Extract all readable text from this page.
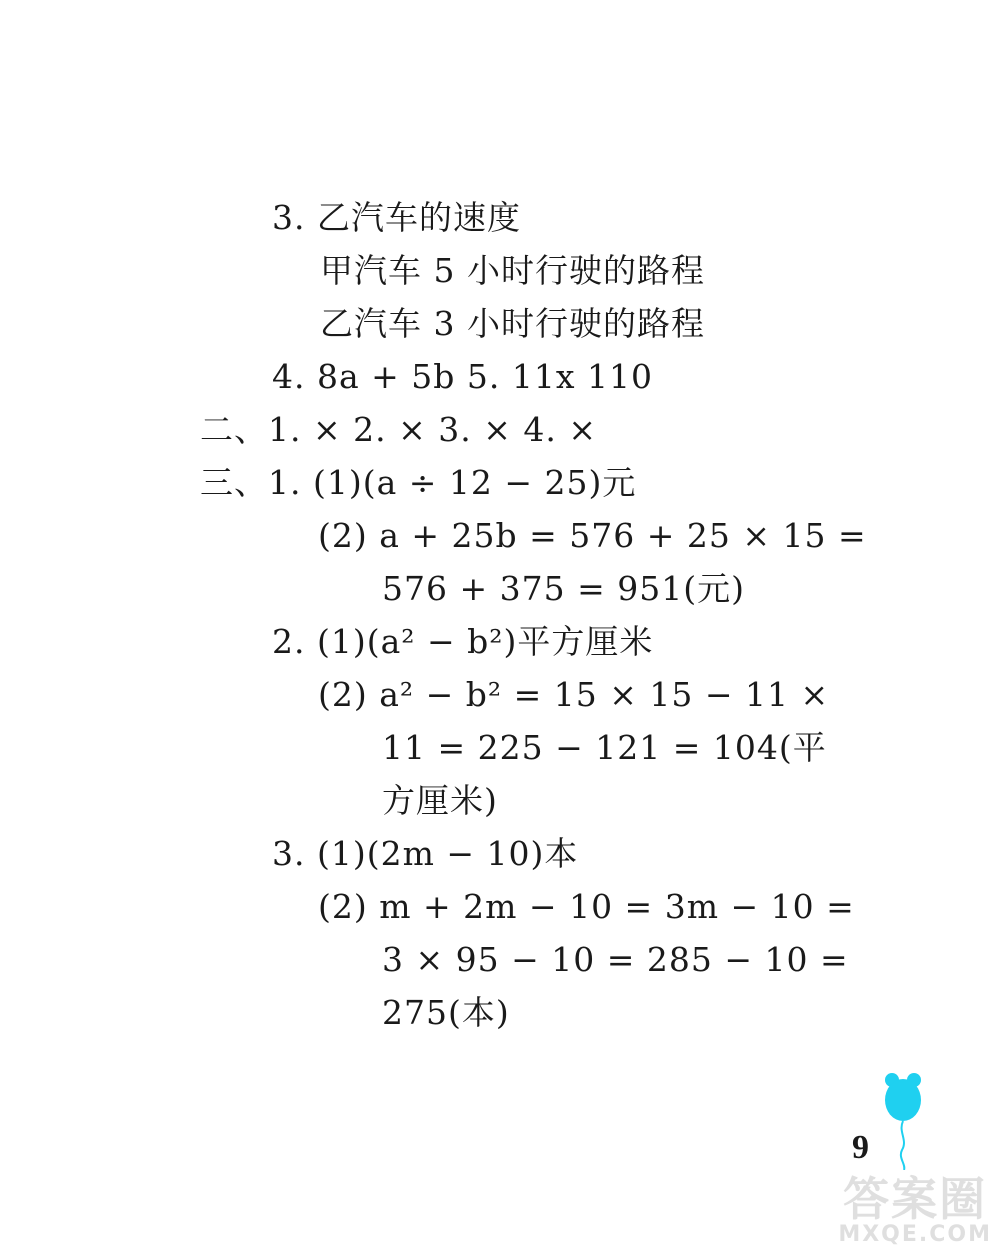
3. 乙汽车的速度
甲汽车 5 小时行驶的路程
乙汽车 3 小时行驶的路程
4. 8a + 5b 5. 11x 110
二、1. × 2. × 3. × 4. ×
三、1. (1)(a ÷ 12 − 25)元
(2) a + 25b = 576 + 25 × 15 =
576 + 375 = 951(元)
2. (1)(a² − b²)平方厘米
(2) a² − b² = 15 × 15 − 11 ×
11 = 225 − 121 = 104(平
方厘米)
3. (1)(2m − 10)本
(2) m + 2m − 10 = 3m − 10 =
3 × 95 − 10 = 285 − 10 =
275(本)
9
答案圈
MXQE.COM
